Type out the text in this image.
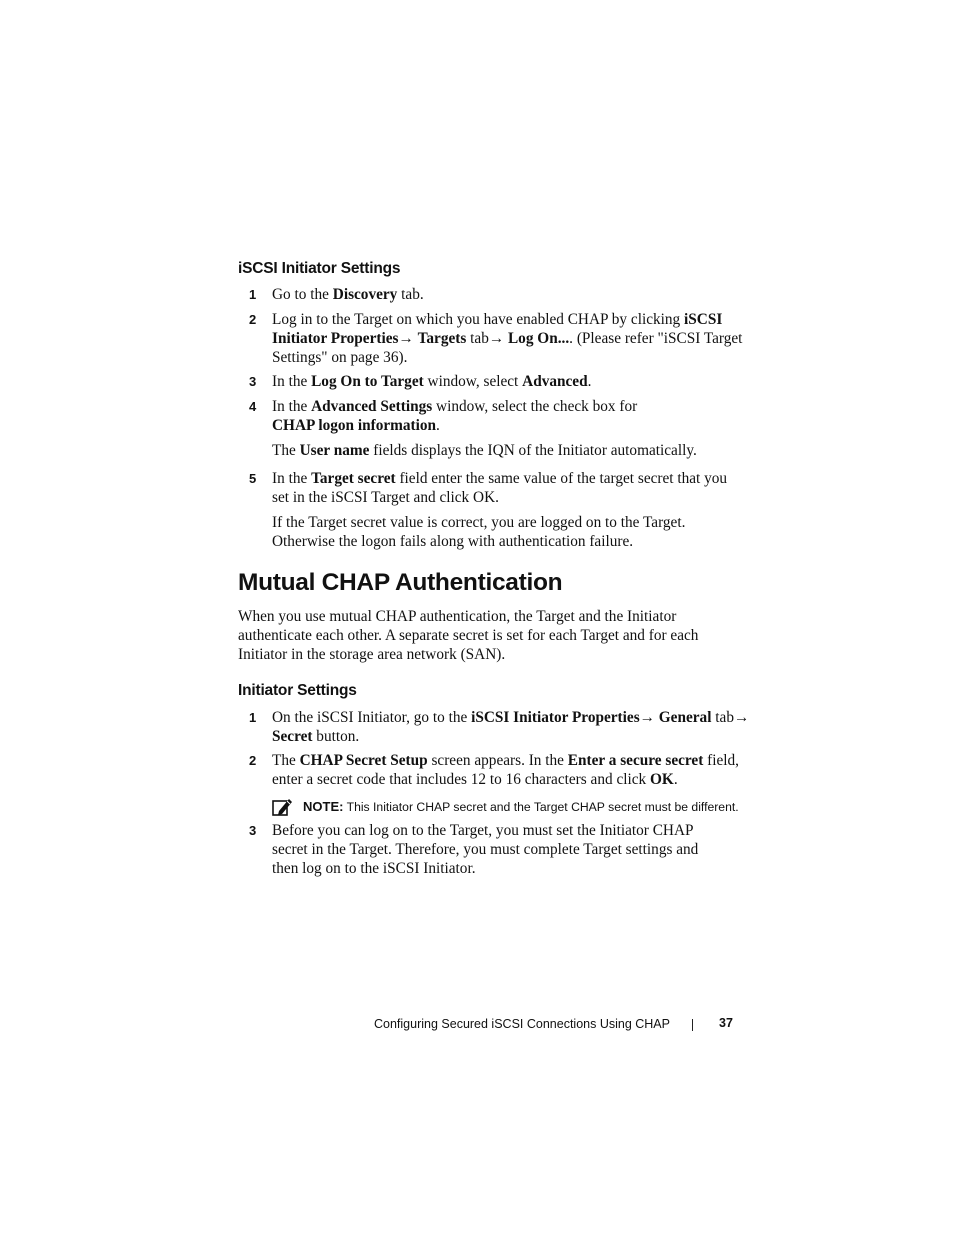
iSCSI Initiator Settings
1	Go to the Discovery tab.
2	Log in to the Target on which you have enabled CHAP by clicking iSCSI
Initiator Properties→ Targets tab→ Log On.... (Please refer "iSCSI Target
Settings" on page 36).
3	In the Log On to Target window, select Advanced.
4	In the Advanced Settings window, select the check box for
CHAP logon information.
The User name fields displays the IQN of the Initiator automatically.
5	In the Target secret field enter the same value of the target secret that you
set in the iSCSI Target and click OK.
If the Target secret value is correct, you are logged on to the Target.
Otherwise the logon fails along with authentication failure.
Mutual CHAP Authentication
When you use mutual CHAP authentication, the Target and the Initiator
authenticate each other. A separate secret is set for each Target and for each
Initiator in the storage area network (SAN).
Initiator Settings
1	On the iSCSI Initiator, go to the iSCSI Initiator Properties→ General tab→
Secret button.
2	The CHAP Secret Setup screen appears. In the Enter a secure secret field,
enter a secret code that includes 12 to 16 characters and click OK.
3	Before you can log on to the Target, you must set the Initiator CHAP
secret in the Target. Therefore, you must complete Target settings and
then log on to the iSCSI Initiator.
NOTE: This Initiator CHAP secret and the Target CHAP secret must be different.
Configuring Secured iSCSI Connections Using CHAP	37
